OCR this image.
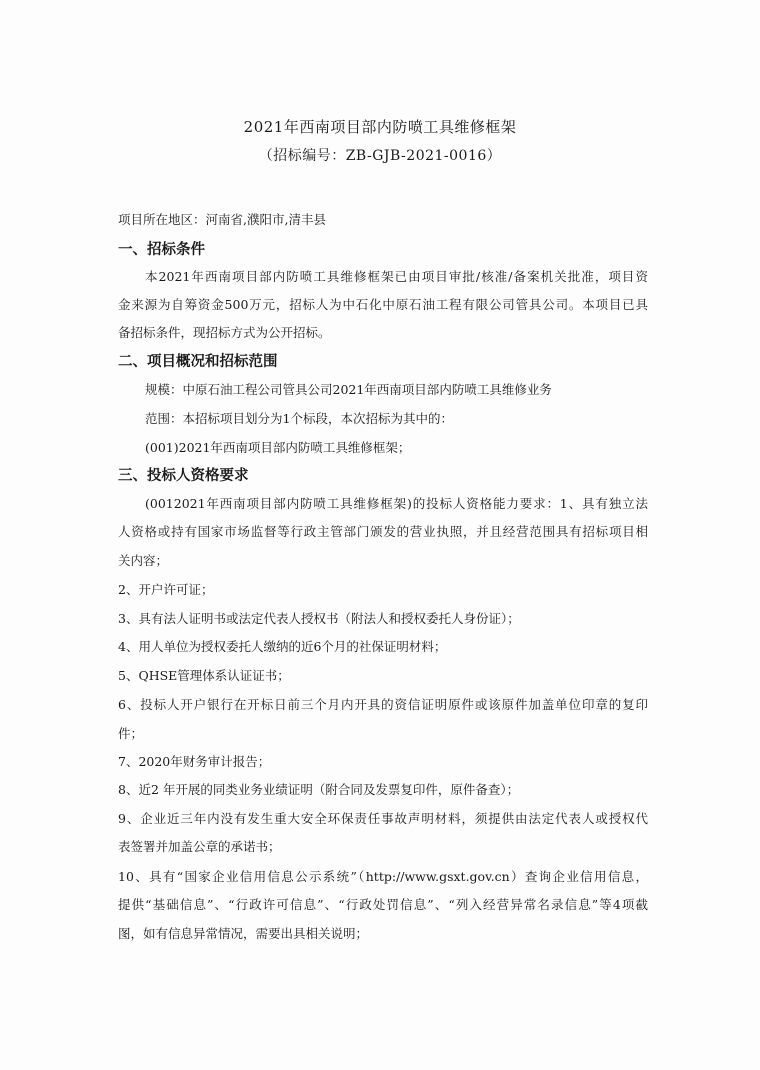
2021年西南项目部内防喷工具维修框架
（招标编号：ZB-GJB-2021-0016）
项目所在地区：河南省,濮阳市,清丰县
一、招标条件
本2021年西南项目部内防喷工具维修框架已由项目审批/核准/备案机关批准，项目资
金来源为自筹资金500万元，招标人为中石化中原石油工程有限公司管具公司。本项目已具
备招标条件，现招标方式为公开招标。
二、项目概况和招标范围
规模：中原石油工程公司管具公司2021年西南项目部内防喷工具维修业务
范围：本招标项目划分为1个标段，本次招标为其中的：
(001)2021年西南项目部内防喷工具维修框架；
三、投标人资格要求
(0012021年西南项目部内防喷工具维修框架)的投标人资格能力要求：1、具有独立法
人资格或持有国家市场监督等行政主管部门颁发的营业执照，并且经营范围具有招标项目相
关内容；
2、开户许可证；
3、具有法人证明书或法定代表人授权书（附法人和授权委托人身份证）；
4、用人单位为授权委托人缴纳的近6个月的社保证明材料；
5、QHSE管理体系认证证书；
6、投标人开户银行在开标日前三个月内开具的资信证明原件或该原件加盖单位印章的复印
件；
7、2020年财务审计报告；
8、近2 年开展的同类业务业绩证明（附合同及发票复印件，原件备查）；
9、企业近三年内没有发生重大安全环保责任事故声明材料，须提供由法定代表人或授权代
表签署并加盖公章的承诺书；
10、具有“国家企业信用信息公示系统”（http://www.gsxt.gov.cn）查询企业信用信息，
提供“基础信息”、“行政许可信息”、“行政处罚信息”、“列入经营异常名录信息”等4项截
图，如有信息异常情况，需要出具相关说明；
